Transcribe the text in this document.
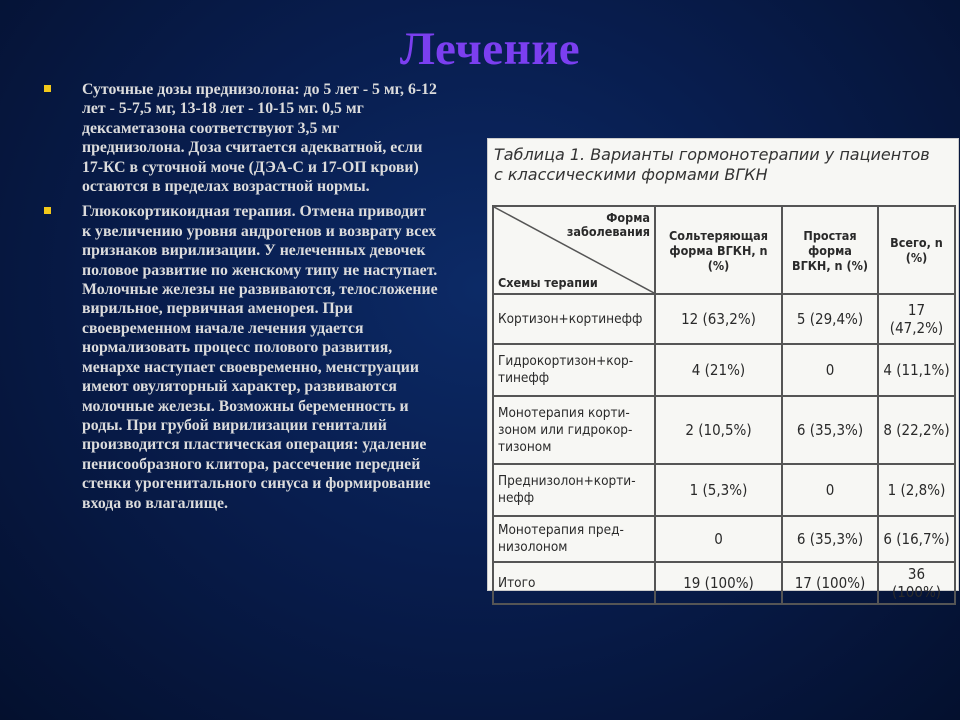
Лечение

Суточные дозы преднизолона: до 5 лет - 5 мг, 6-12 лет - 5-7,5 мг, 13-18 лет - 10-15 мг. 0,5 мг дексаметазона соответствуют 3,5 мг преднизолона. Доза считается адекватной, если 17-КС в суточной моче (ДЭА-С и 17-ОП крови) остаются в пределах возрастной нормы.

Глюкокортикоидная терапия. Отмена приводит к увеличению уровня андрогенов и возврату всех признаков вирилизации. У нелеченных девочек половое развитие по женскому типу не наступает. Молочные железы не развиваются, телосложение вирильное, первичная аменорея. При своевременном начале лечения удается нормализовать процесс полового развития, менархе наступает своевременно, менструации имеют овуляторный характер, развиваются молочные железы. Возможны беременность и роды. При грубой вирилизации гениталий производится пластическая операция: удаление пенисообразного клитора, рассечение передней стенки урогенитального синуса и формирование входа во влагалище.

Таблица 1. Варианты гормонотерапии у пациентов
с классическими формами ВГКН
Форма заболевания
Схемы терапии	Сольтеряющая форма ВГКН, n (%)	Простая форма ВГКН, n (%)	Всего, n (%)
Кортизон+кортинефф	12 (63,2%)	5 (29,4%)	17 (47,2%)
Гидрокортизон+кор-тинефф	4 (21%)	0	4 (11,1%)
Монотерапия корти-зоном или гидрокор-тизоном	2 (10,5%)	6 (35,3%)	8 (22,2%)
Преднизолон+корти-нефф	1 (5,3%)	0	1 (2,8%)
Монотерапия пред-низолоном	0	6 (35,3%)	6 (16,7%)
Итого	19 (100%)	17 (100%)	36 (100%)
